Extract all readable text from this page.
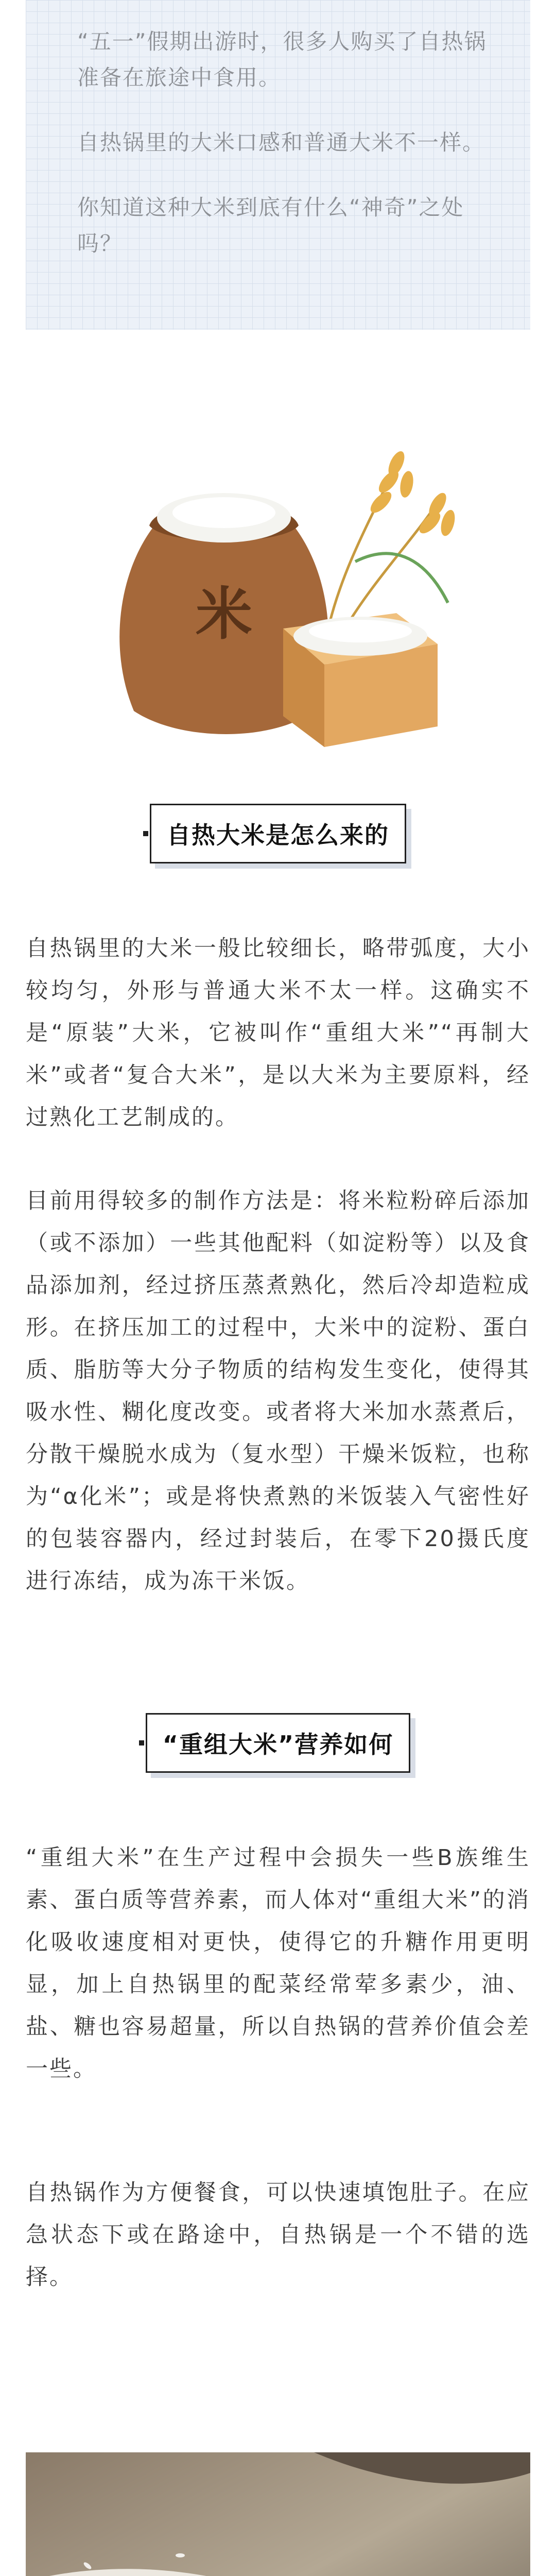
“五一”假期出游时，很多人购买了自热锅准备在旅途中食用。

自热锅里的大米口感和普通大米不一样。

你知道这种大米到底有什么“神奇”之处吗？

米
自热大米是怎么来的

自热锅里的大米一般比较细长，略带弧度，大小较均匀，外形与普通大米不太一样。这确实不是“原装”大米，它被叫作“重组大米”“再制大米”或者“复合大米”，是以大米为主要原料，经过熟化工艺制成的。

目前用得较多的制作方法是：将米粒粉碎后添加（或不添加）一些其他配料（如淀粉等）以及食品添加剂，经过挤压蒸煮熟化，然后冷却造粒成形。在挤压加工的过程中，大米中的淀粉、蛋白质、脂肪等大分子物质的结构发生变化，使得其吸水性、糊化度改变。或者将大米加水蒸煮后，分散干燥脱水成为（复水型）干燥米饭粒，也称为“α化米”；或是将快煮熟的米饭装入气密性好的包装容器内，经过封装后，在零下20摄氏度进行冻结，成为冻干米饭。

“重组大米”营养如何

“重组大米”在生产过程中会损失一些B族维生素、蛋白质等营养素，而人体对“重组大米”的消化吸收速度相对更快，使得它的升糖作用更明显，加上自热锅里的配菜经常荤多素少，油、盐、糖也容易超量，所以自热锅的营养价值会差一些。

自热锅作为方便餐食，可以快速填饱肚子。在应急状态下或在路途中，自热锅是一个不错的选择。
